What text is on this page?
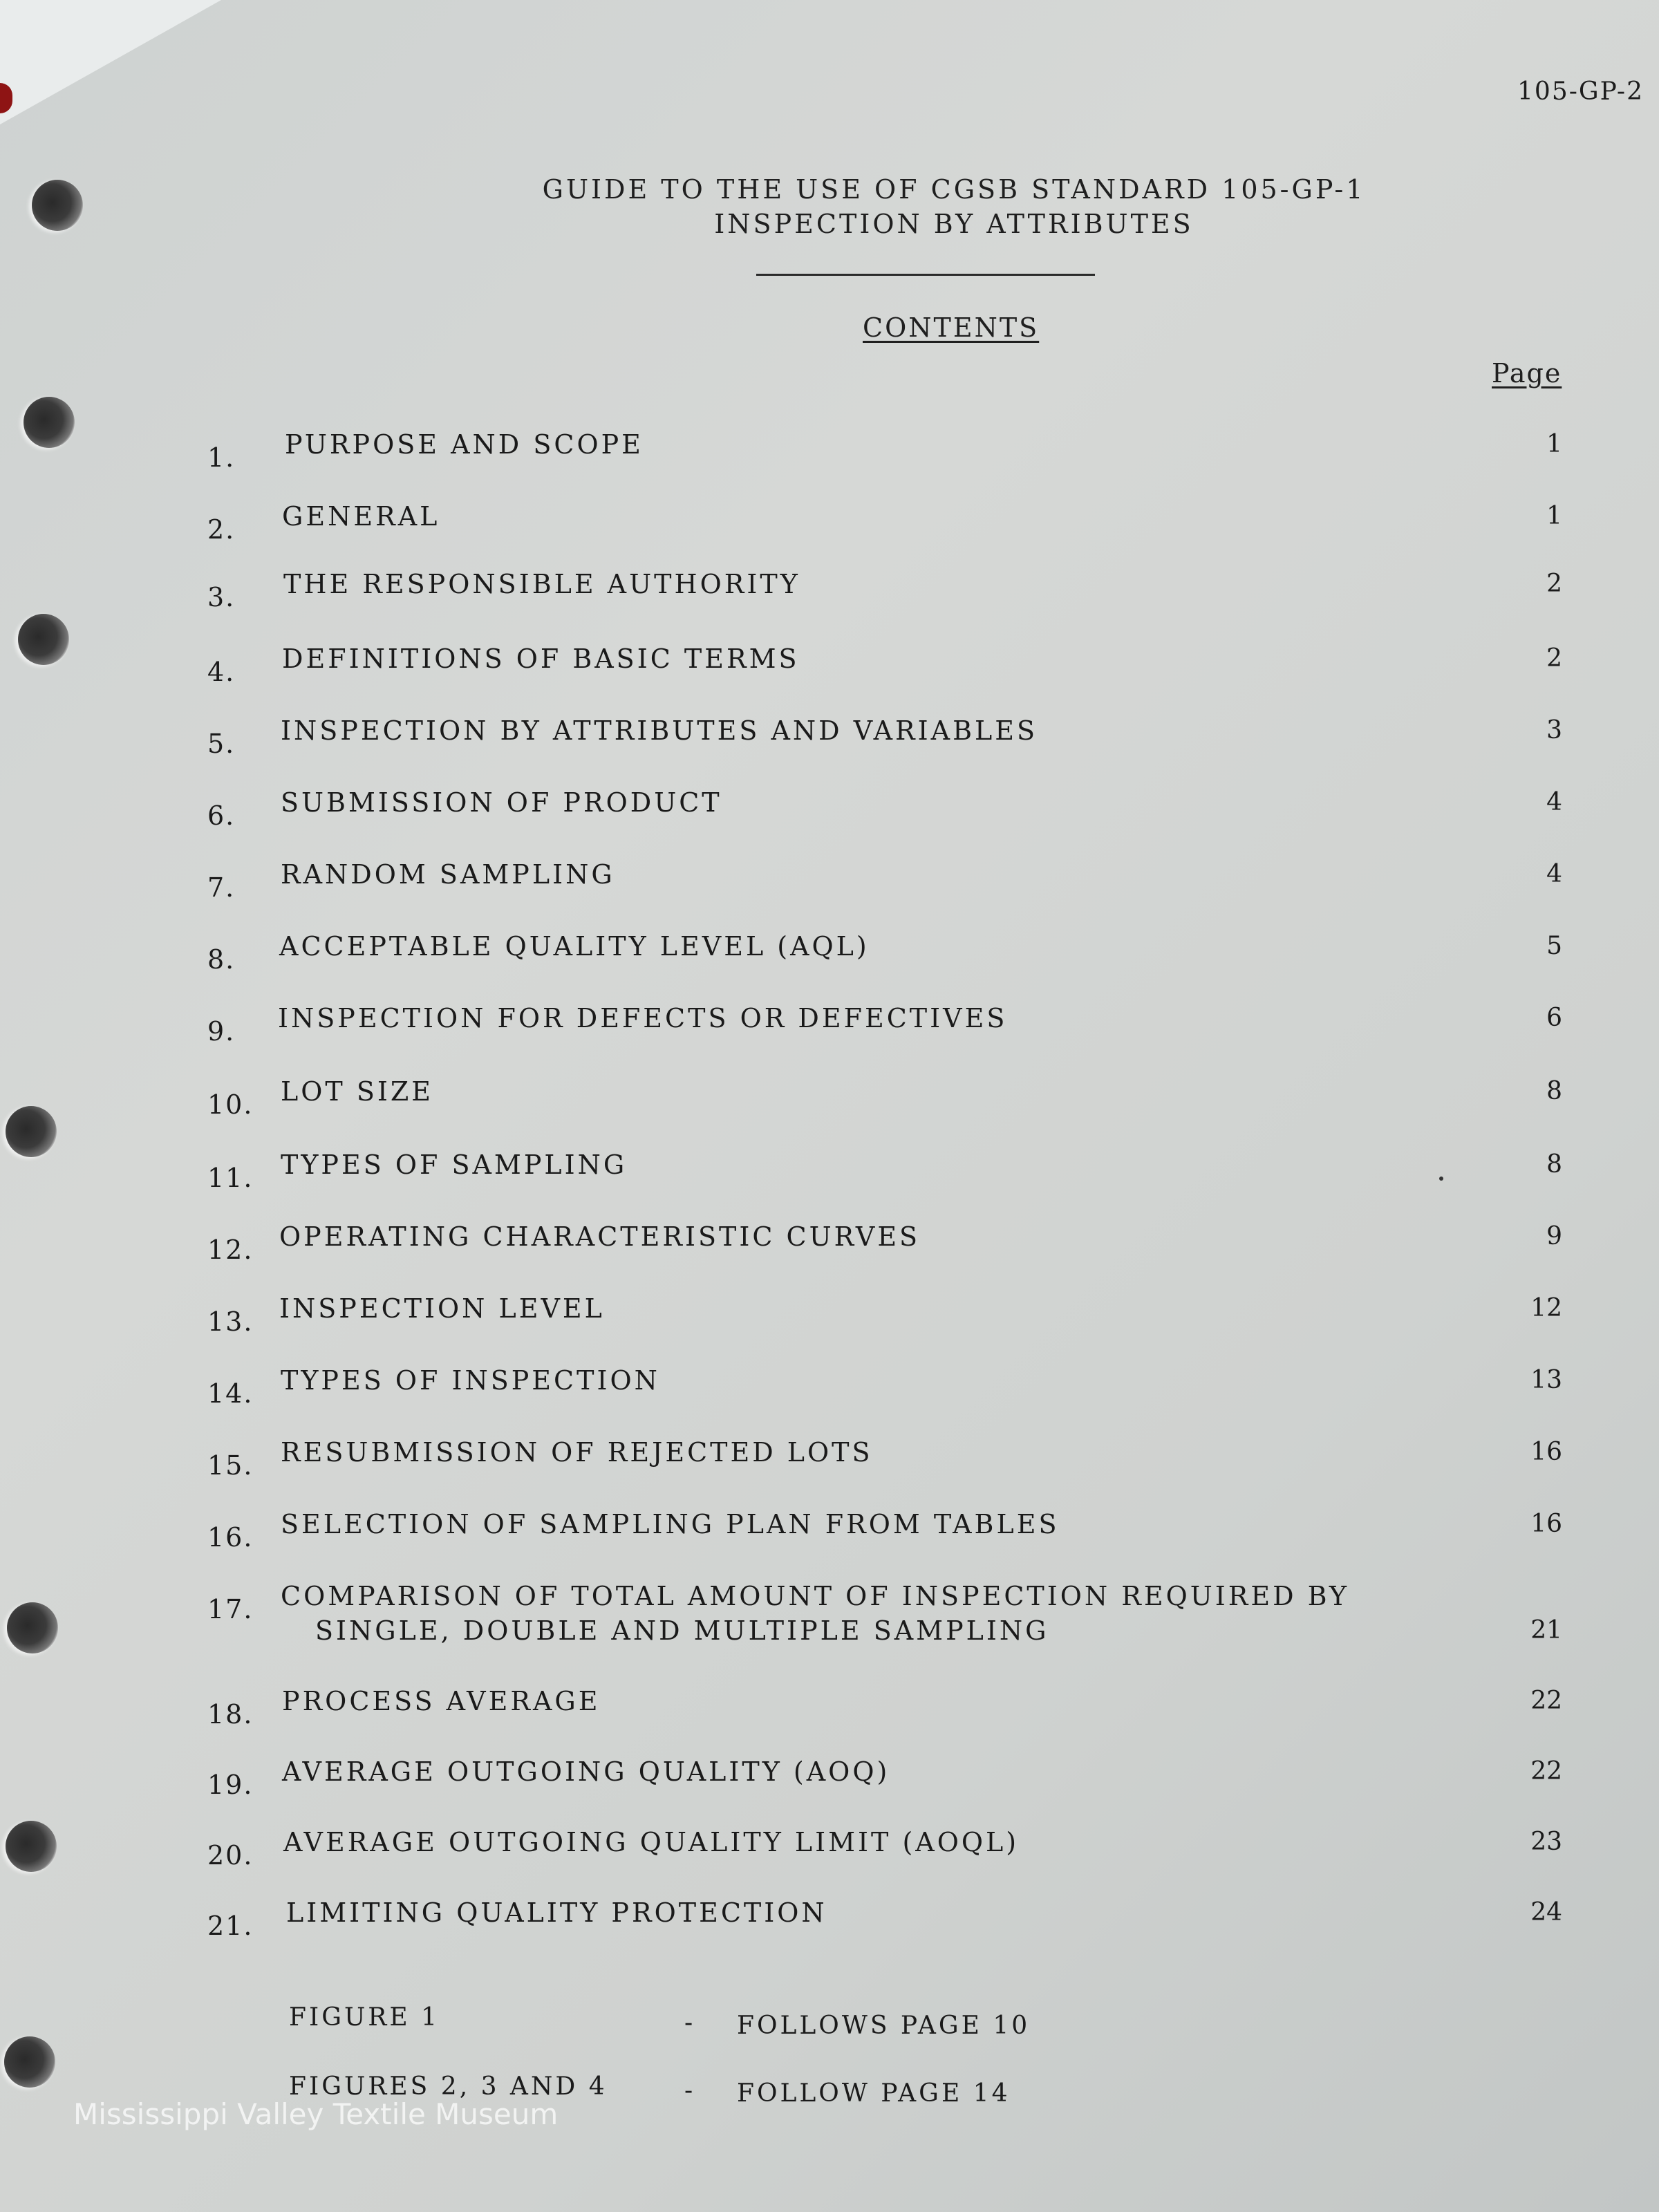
105-GP-2
GUIDE TO THE USE OF CGSB STANDARD 105-GP-1
INSPECTION BY ATTRIBUTES
CONTENTS
Page
1. PURPOSE AND SCOPE	1
2. GENERAL	1
3. THE RESPONSIBLE AUTHORITY	2
4. DEFINITIONS OF BASIC TERMS	2
5. INSPECTION BY ATTRIBUTES AND VARIABLES	3
6. SUBMISSION OF PRODUCT	4
7. RANDOM SAMPLING	4
8. ACCEPTABLE QUALITY LEVEL (AQL)	5
9. INSPECTION FOR DEFECTS OR DEFECTIVES	6
10. LOT SIZE	8
11. TYPES OF SAMPLING	8
12. OPERATING CHARACTERISTIC CURVES	9
13. INSPECTION LEVEL	12
14. TYPES OF INSPECTION	13
15. RESUBMISSION OF REJECTED LOTS	16
16. SELECTION OF SAMPLING PLAN FROM TABLES	16
17. COMPARISON OF TOTAL AMOUNT OF INSPECTION REQUIRED BY
SINGLE, DOUBLE AND MULTIPLE SAMPLING	21
18. PROCESS AVERAGE	22
19. AVERAGE OUTGOING QUALITY (AOQ)	22
20. AVERAGE OUTGOING QUALITY LIMIT (AOQL)	23
21. LIMITING QUALITY PROTECTION	24
FIGURE 1	- FOLLOWS PAGE 10
FIGURES 2, 3 AND 4	- FOLLOW PAGE 14
Mississippi Valley Textile Museum
